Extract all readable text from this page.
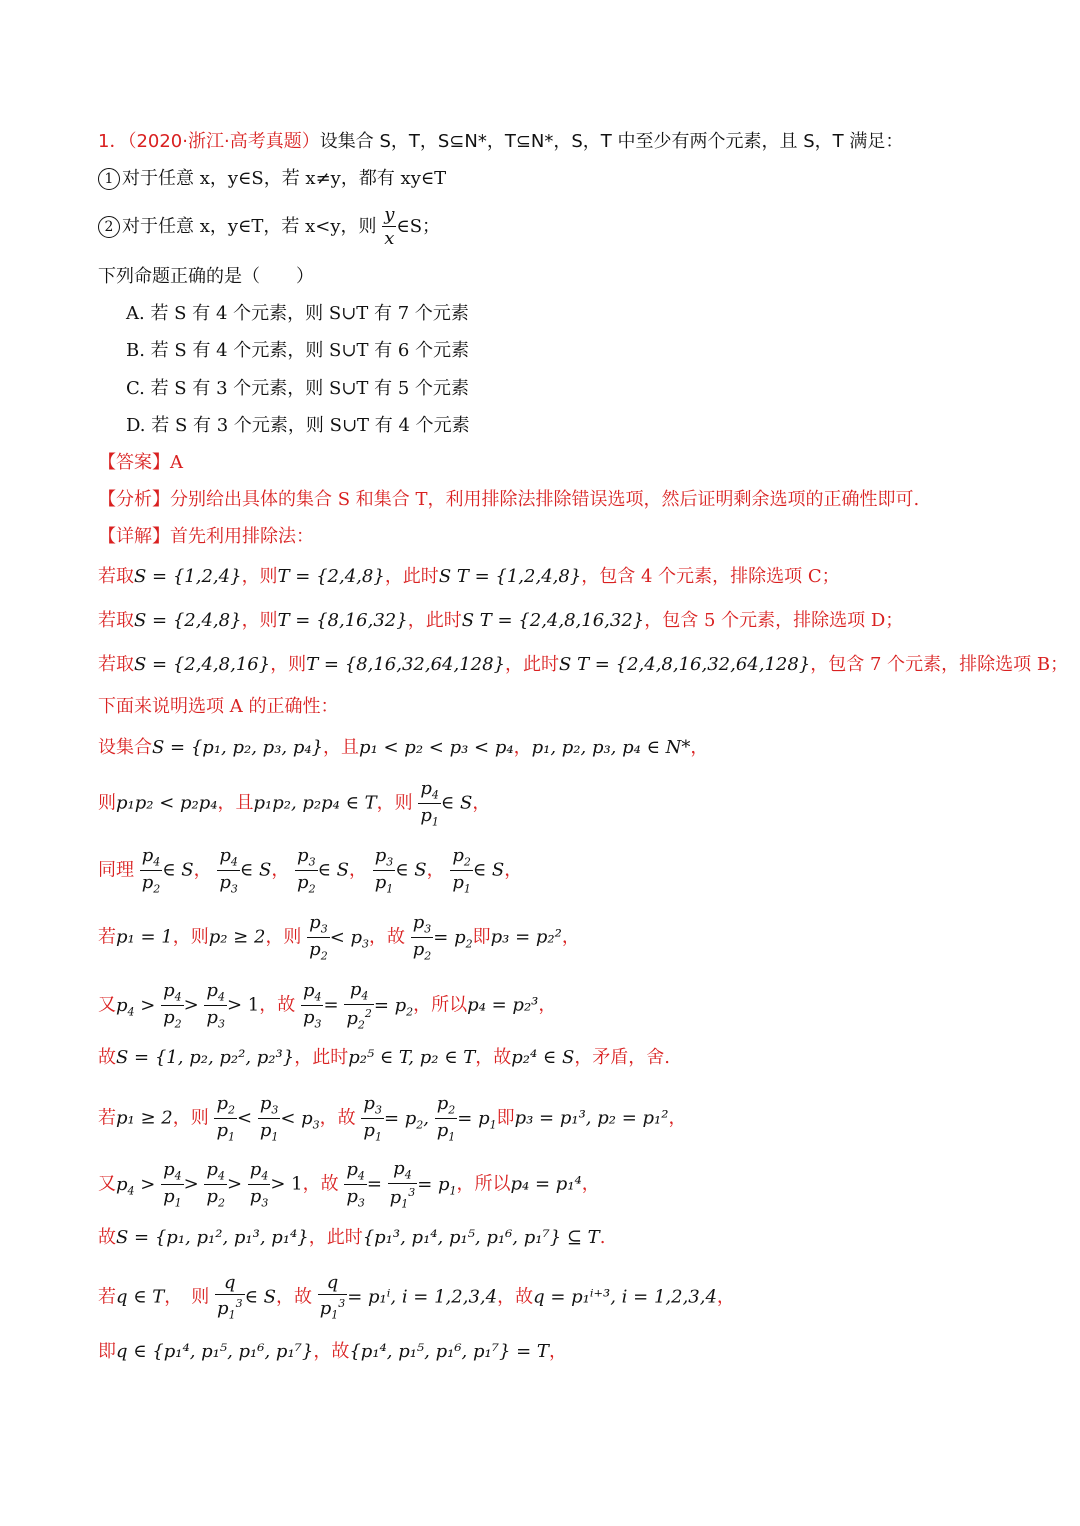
1．（2020·浙江·高考真题）设集合 S，T，S⊆N*，T⊆N*，S，T 中至少有两个元素，且 S，T 满足：
1 对于任意 x，y∈S，若 x≠y，都有 xy∈T
2 对于任意 x，y∈T，若 x<y，则 $\frac{y}{x}$ ∈S；
下列命题正确的是（　　）
A. 若 S 有 4 个元素，则 S∪T 有 7 个元素
B. 若 S 有 4 个元素，则 S∪T 有 6 个元素
C. 若 S 有 3 个元素，则 S∪T 有 5 个元素
D. 若 S 有 3 个元素，则 S∪T 有 4 个元素
【答案】A
【分析】分别给出具体的集合 S 和集合 T，利用排除法排除错误选项，然后证明剩余选项的正确性即可.
【详解】首先利用排除法：
若取S = {1,2,4}，则T = {2,4,8}，此时S T = {1,2,4,8}，包含 4 个元素，排除选项 C；
若取S = {2,4,8}，则T = {8,16,32}，此时S T = {2,4,8,16,32}，包含 5 个元素，排除选项 D；
若取S = {2,4,8,16}，则T = {8,16,32,64,128}，此时S T = {2,4,8,16,32,64,128}，包含 7 个元素，排除选项 B；
下面来说明选项 A 的正确性：
设集合S = {p₁, p₂, p₃, p₄}，且p₁ < p₂ < p₃ < p₄，p₁, p₂, p₃, p₄ ∈ N*，
则p₁p₂ < p₂p₄，且p₁p₂, p₂p₄ ∈ T，则 $\frac{p_4}{p_1}$ ∈ S，
同理 $\frac{p_4}{p_2}$ ∈ S， $\frac{p_4}{p_3}$ ∈ S， $\frac{p_3}{p_2}$ ∈ S， $\frac{p_3}{p_1}$ ∈ S， $\frac{p_2}{p_1}$ ∈ S，
若p₁ = 1，则p₂ ≥ 2，则 $\frac{p_3}{p_2} < p_3$，故 $\frac{p_3}{p_2} = p_2$即p₃ = p₂²，
又$p_4 > \frac{p_4}{p_2} > \frac{p_4}{p_3} > 1$，故 $\frac{p_4}{p_3} = \frac{p_4}{p_2^2} = p_2$，所以p₄ = p₂³，
故S = {1, p₂, p₂², p₂³}，此时p₂⁵ ∈ T, p₂ ∈ T，故p₂⁴ ∈ S，矛盾，舍.
若p₁ ≥ 2，则 $\frac{p_2}{p_1} < \frac{p_3}{p_1} < p_3$，故 $\frac{p_3}{p_1} = p_2$, $\frac{p_2}{p_1} = p_1$即p₃ = p₁³, p₂ = p₁²，
又$p_4 > \frac{p_4}{p_1} > \frac{p_4}{p_2} > \frac{p_4}{p_3} > 1$，故 $\frac{p_4}{p_3} = \frac{p_4}{p_1^3} = p_1$，所以p₄ = p₁⁴，
故S = {p₁, p₁², p₁³, p₁⁴}，此时{p₁³, p₁⁴, p₁⁵, p₁⁶, p₁⁷} ⊆ T.
若q ∈ T，　则 $\frac{q}{p_1^3}$ ∈ S，故 $\frac{q}{p_1^3} = p_1^i$, i = 1,2,3,4，故q = p₁ⁱ⁺³, i = 1,2,3,4，
即q ∈ {p₁⁴, p₁⁵, p₁⁶, p₁⁷}，故{p₁⁴, p₁⁵, p₁⁶, p₁⁷} = T，
